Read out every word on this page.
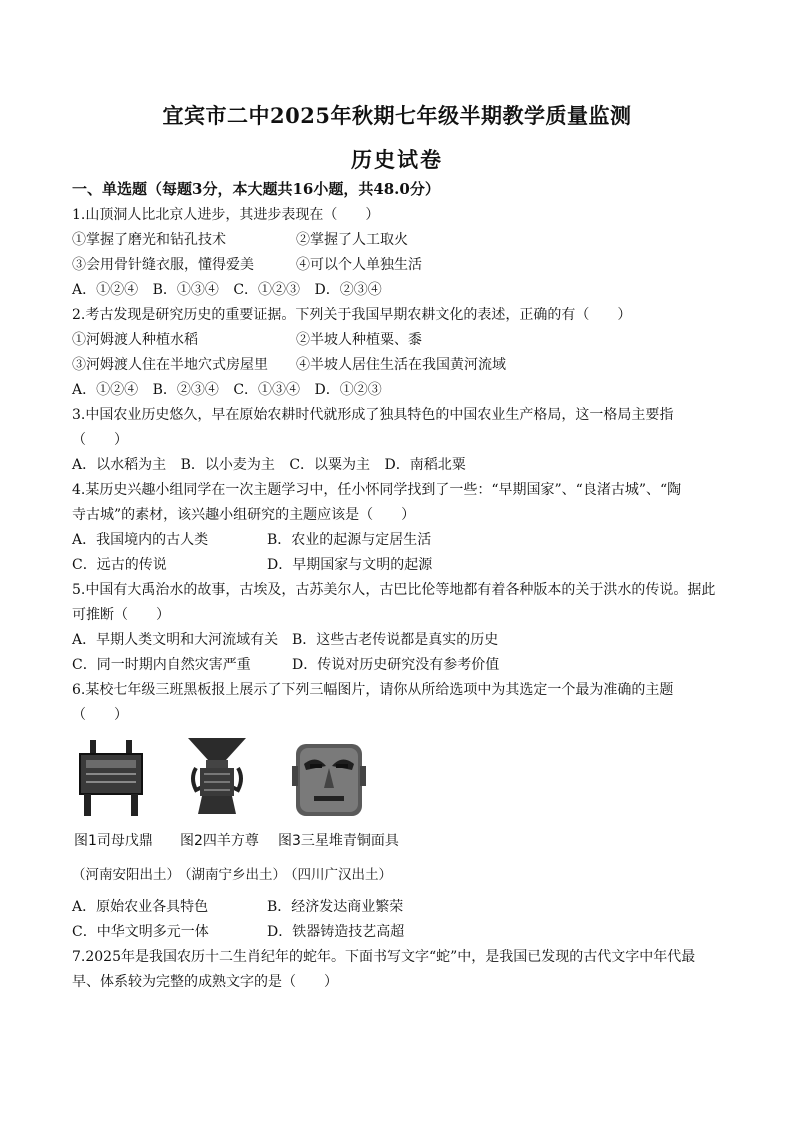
宜宾市二中2025年秋期七年级半期教学质量监测
历史试卷
一、单选题（每题3分，本大题共16小题，共48.0分）
1.山顶洞人比北京人进步，其进步表现在（　　）
①掌握了磨光和钻孔技术	②掌握了人工取火
③会用骨针缝衣服，懂得爱美	④可以个人单独生活
A．①②④ B．①③④ C．①②③ D．②③④
2.考古发现是研究历史的重要证据。下列关于我国早期农耕文化的表述，正确的有（　　）
①河姆渡人种植水稻	②半坡人种植粟、黍
③河姆渡人住在半地穴式房屋里 ④半坡人居住生活在我国黄河流域
A．①②④ B．②③④ C．①③④ D．①②③
3.中国农业历史悠久，早在原始农耕时代就形成了独具特色的中国农业生产格局，这一格局主要指
（　　）
A．以水稻为主 B．以小麦为主 C．以粟为主 D．南稻北粟
4.某历史兴趣小组同学在一次主题学习中，任小怀同学找到了一些：“早期国家”、“良渚古城”、“陶
寺古城”的素材，该兴趣小组研究的主题应该是（　　）
A．我国境内的古人类	B．农业的起源与定居生活
C．远古的传说	D．早期国家与文明的起源
5.中国有大禹治水的故事，古埃及，古苏美尔人，古巴比伦等地都有着各种版本的关于洪水的传说。据此
可推断（　　）
A．早期人类文明和大河流域有关 B．这些古老传说都是真实的历史
C．同一时期内自然灾害严重	D．传说对历史研究没有参考价值
6.某校七年级三班黑板报上展示了下列三幅图片，请你从所给选项中为其选定一个最为准确的主题
（　　）
图1司母戊鼎 图2四羊方尊 图3三星堆青铜面具
（河南安阳出土）
（湖南宁乡出土）
（四川广汉出土）
A．原始农业各具特色	B．经济发达商业繁荣
C．中华文明多元一体	D．铁器铸造技艺高超
7.2025年是我国农历十二生肖纪年的蛇年。下面书写文字“蛇”中，是我国已发现的古代文字中年代最
早、体系较为完整的成熟文字的是（　　）
